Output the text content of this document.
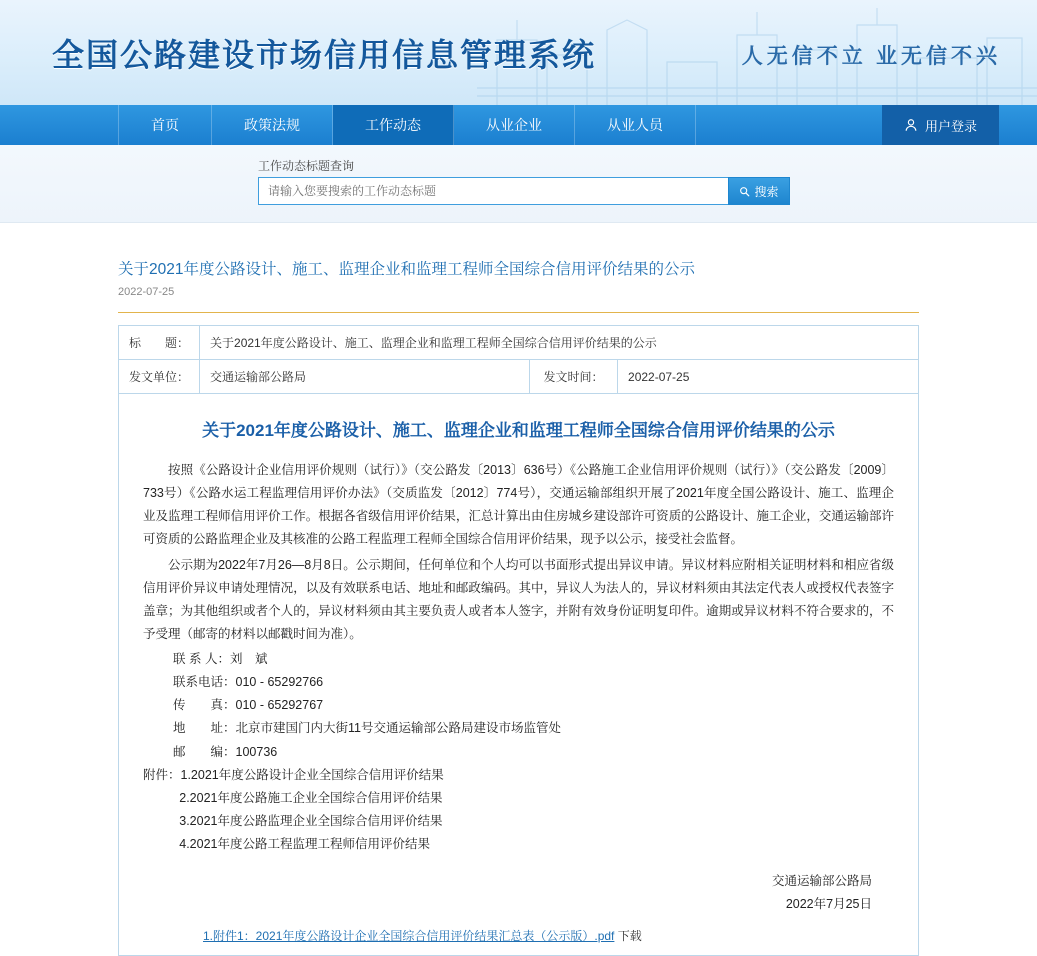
全国公路建设市场信用信息管理系统	人无信不立 业无信不兴
首页	政策法规	工作动态	从业企业	从业人员	用户登录
工作动态标题查询
请输入您要搜索的工作动态标题
搜索
关于2021年度公路设计、施工、监理企业和监理工程师全国综合信用评价结果的公示
2022-07-25
标　　题：	关于2021年度公路设计、施工、监理企业和监理工程师全国综合信用评价结果的公示		
发文单位：	交通运输部公路局	发文时间：	2022-07-25
关于2021年度公路设计、施工、监理企业和监理工程师全国综合信用评价结果的公示

按照《公路设计企业信用评价规则（试行）》（交公路发〔2013〕636号）《公路施工企业信用评价规则（试行）》（交公路发〔2009〕733号）《公路水运工程监理信用评价办法》（交质监发〔2012〕774号），交通运输部组织开展了2021年度全国公路设计、施工、监理企业及监理工程师信用评价工作。根据各省级信用评价结果，汇总计算出由住房城乡建设部许可资质的公路设计、施工企业，交通运输部许可资质的公路监理企业及其核准的公路工程监理工程师全国综合信用评价结果，现予以公示，接受社会监督。

公示期为2022年7月26—8月8日。公示期间，任何单位和个人均可以书面形式提出异议申请。异议材料应附相关证明材料和相应省级信用评价异议申请处理情况，以及有效联系电话、地址和邮政编码。其中，异议人为法人的，异议材料须由其法定代表人或授权代表签字盖章；为其他组织或者个人的，异议材料须由其主要负责人或者本人签字，并附有效身份证明复印件。逾期或异议材料不符合要求的，不予受理（邮寄的材料以邮戳时间为准）。

联 系 人：刘　斌
联系电话：010 - 65292766
传　　真：010 - 65292767
地　　址：北京市建国门内大街11号交通运输部公路局建设市场监管处
邮　　编：100736
附件：1.2021年度公路设计企业全国综合信用评价结果
2.2021年度公路施工企业全国综合信用评价结果
3.2021年度公路监理企业全国综合信用评价结果
4.2021年度公路工程监理工程师信用评价结果
交通运输部公路局
2022年7月25日
1.附件1：2021年度公路设计企业全国综合信用评价结果汇总表（公示版）.pdf 下载
